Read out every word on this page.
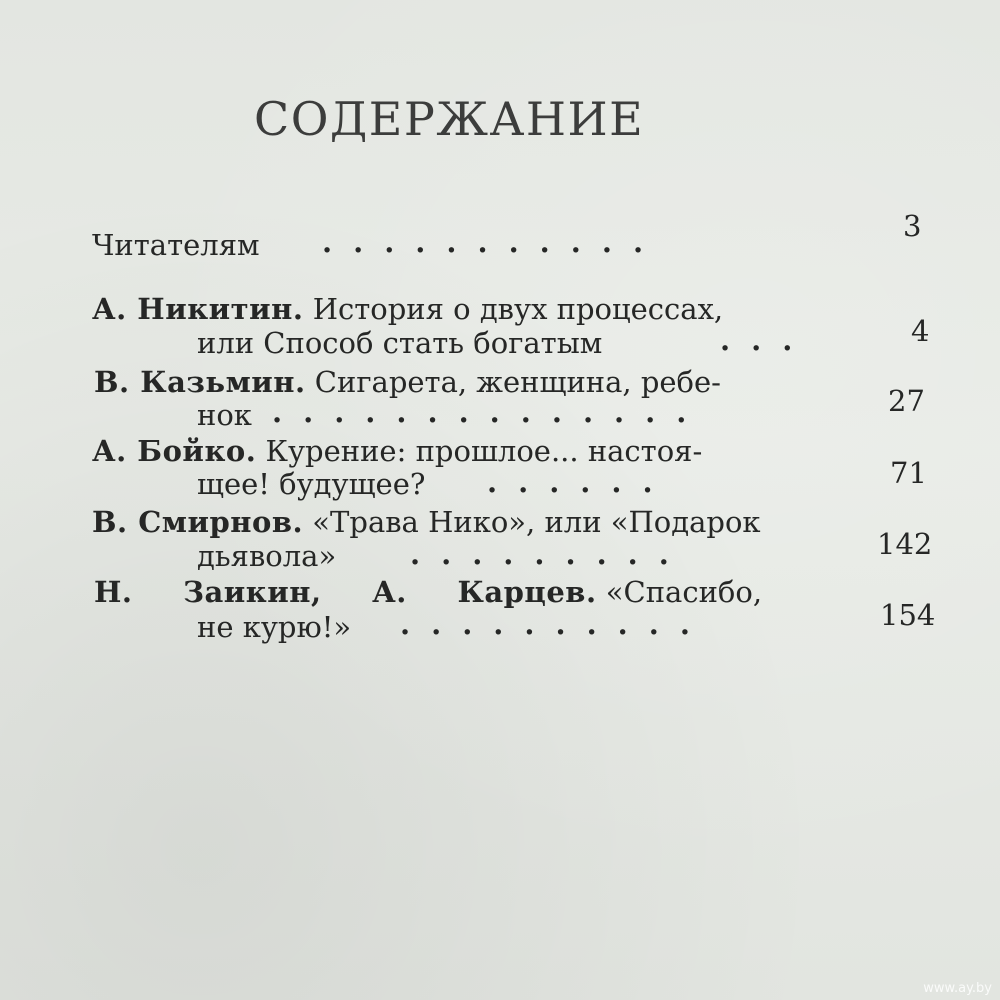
СОДЕРЖАНИЕ
Читателям ...........	3
А. Никитин. История о двух процессах,
или Способ стать богатым	...	4
В. Казьмин. Сигарета, женщина, ребе-
нок ..............	27
А. Бойко. Курение: прошлое... настоя-
щее! будущее? ......	71
В. Смирнов. «Трава Нико», или «Подарок
дьявола»	.........	142
Н. Заикин, А. Карцев. «Спасибо,
не курю!» ..........	154
www.ay.by
